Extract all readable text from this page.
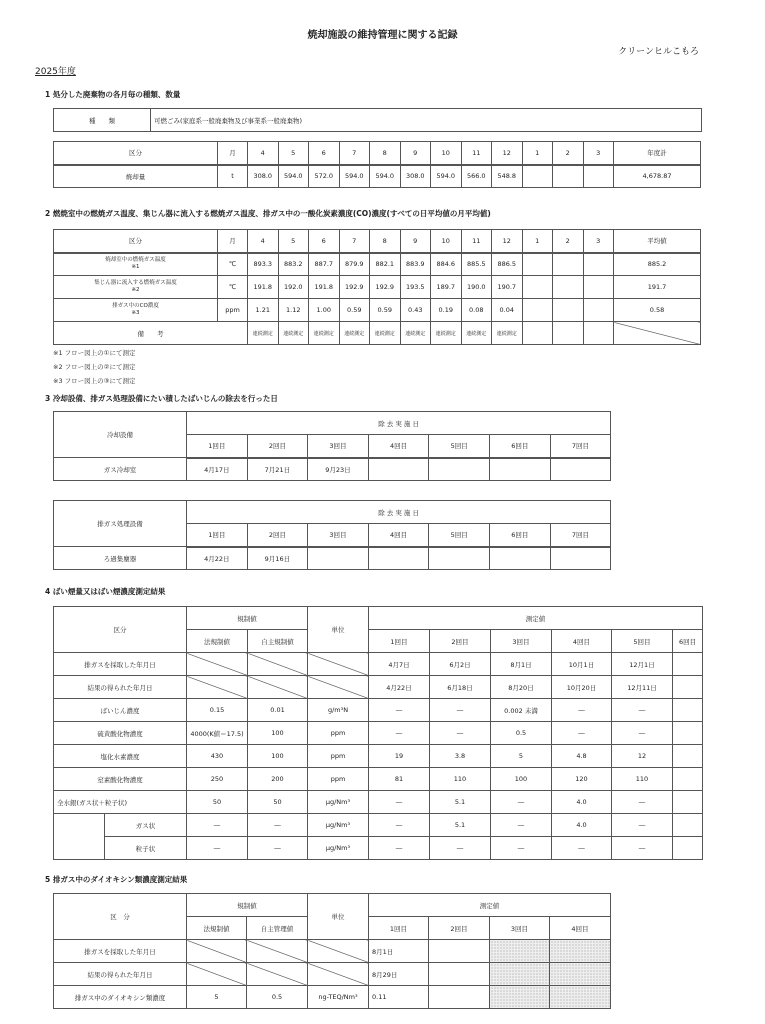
焼却施設の維持管理に関する記録
クリーンヒルこもろ
2025年度
1 処分した廃棄物の各月毎の種類、数量
種　　類	可燃ごみ(家庭系一般廃棄物及び事業系一般廃棄物)
区分	月	4	5	6	7	8	9	10	11	12	1	2	3	年度計
焼却量	t	308.0	594.0	572.0	594.0	594.0	308.0	594.0	566.0	548.8				4,678.87
2 燃焼室中の燃焼ガス温度、集じん器に流入する燃焼ガス温度、排ガス中の一酸化炭素濃度(CO)濃度(すべての日平均値の月平均値)
区分	月	4	5	6	7	8	9	10	11	12	1	2	3	平均値
焼却室中の燃焼ガス温度
※1	℃	893.3	883.2	887.7	879.9	882.1	883.9	884.6	885.5	886.5				885.2
集じん器に流入する燃焼ガス温度
※2	℃	191.8	192.0	191.8	192.9	192.9	193.5	189.7	190.0	190.7				191.7
排ガス中のCO濃度
※3	ppm	1.21	1.12	1.00	0.59	0.59	0.43	0.19	0.08	0.04				0.58
備　　考		連続測定	連続測定	連続測定	連続測定	連続測定	連続測定	連続測定	連続測定	連続測定				
※1 フロー図上の①にて測定
※2 フロー図上の②にて測定
※3 フロー図上の③にて測定
3 冷却設備、排ガス処理設備にたい積したばいじんの除去を行った日
冷却設備	除 去 実 施 日						
	1回目	2回目	3回目	4回目	5回目	6回目	7回目
ガス冷却室	4月17日	7月21日	9月23日				
排ガス処理設備	除 去 実 施 日						
	1回目	2回目	3回目	4回目	5回目	6回目	7回目
ろ過集塵器	4月22日	9月16日					
4 ばい煙量又はばい煙濃度測定結果
区分		規制値		単位	測定値					
		法規制値	自主規制値		1回目	2回目	3回目	4回目	5回目	6回目
排ガスを採取した年月日					4月7日	6月2日	8月1日	10月1日	12月1日	
結果の得られた年月日					4月22日	6月18日	8月20日	10月20日	12月11日	
ばいじん濃度		0.15	0.01	g/m³N	―	―	0.002 未満	―	―	
硫黄酸化物濃度		4000(K値＝17.5)	100	ppm	―	―	0.5	―	―	
塩化水素濃度		430	100	ppm	19	3.8	5	4.8	12	
窒素酸化物濃度		250	200	ppm	81	110	100	120	110	
全水銀(ガス状＋粒子状)		50	50	μg/Nm³	―	5.1	―	4.0	―	
	ガス状	―	―	μg/Nm³	―	5.1	―	4.0	―	
	粒子状	―	―	μg/Nm³	―	―	―	―	―	
5 排ガス中のダイオキシン類濃度測定結果
区　分	規制値		単位	測定値			
	法規制値	自主管理値		1回目	2回目	3回目	4回目
排ガスを採取した年月日				8月1日			
結果の得られた年月日				8月29日			
排ガス中のダイオキシン類濃度	5	0.5	ng-TEQ/Nm³	0.11			
